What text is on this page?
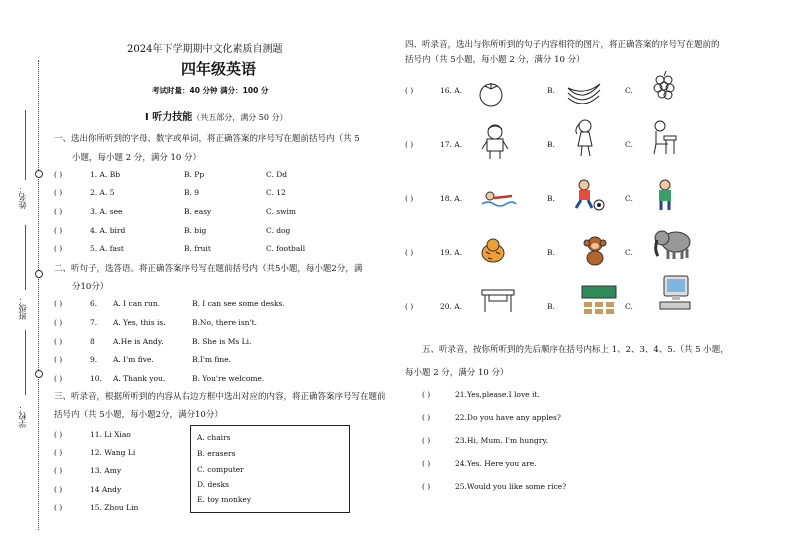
姓名：
班级：
学校：
2024年下学期期中文化素质自测题
四年级英语
考试时量：40 分钟 满分：100 分
Ⅰ 听力技能（共五部分，满分 50 分）
一、选出你所听到的字母、数字或单词，将正确答案的序号写在题前括号内（共 5
小题，每小题 2 分，满分 10 分）
二、听句子，选答语。将正确答案序号写在题前括号内（共5小题，每小题2分，满
分10分）
三、听录音，根据所听到的内容从右边方框中选出对应的内容，将正确答案序号写在题前
括号内（共 5小题，每小题2分，满分10分）
A. chairs
B. erasers
C. computer
D. desks
E. toy monkey
四、听录音，选出与你所听到的句子内容相符的图片，将正确答案的序号写在题前的
括号内（共 5小题，每小题 2 分，满分 10 分）
五、听录音，按你所听到的先后顺序在括号内标上 1、2、3、4、5.（共 5 小题，
每小题 2 分，满分 10 分）
( )	1. A. Bb	B. Pp	C. Dd
( )	2. A. 5	B. 9	C. 12
( )	3. A. see	B. easy	C. swim
( )	4. A. bird	B. big	C. dog
( )	5. A. fast	B. fruit	C. football
( )	6. A. I can run.	B. I can see some desks.
( )	7. A. Yes, this is.	B.No, there isn't.
( )	8 A.He is Andy.	B. She is Ms Li.
( )	9. A. I'm five.	B.I'm fine.
( )	10. A. Thank you.	B. You're welcome.
( )	11. Li Xiao
( )	12. Wang Li
( )	13. Amy
( )	14 Andy
( )	15. Zhou Lin
( )	16. A.	B.	C.
( )	17. A.	B.	C.
( )	18. A.	B.	C.
( )	19. A.	B.	C.
( )	20. A.	B.	C.
( )	21.Yes,please.I love it.
( )	22.Do you have any apples?
( )	23.Hi, Mum. I'm hungry.
( )	24.Yes. Here you are.
( )	25.Would you like some rice?
